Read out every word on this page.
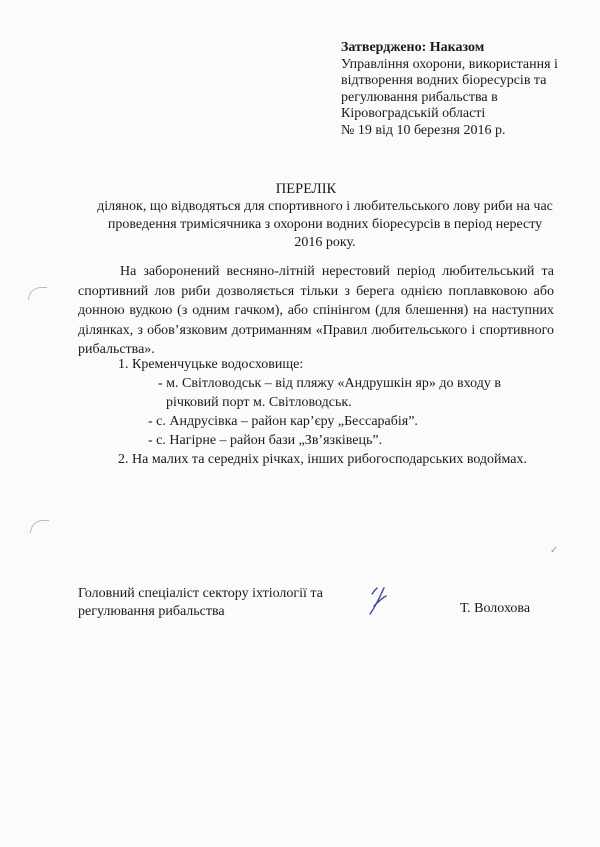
Затверджено: Наказом
Управління охорони, використання і
відтворення водних біоресурсів та
регулювання рибальства в
Кіровоградській області
№ 19 від 10 березня 2016 р.
ПЕРЕЛІК
ділянок, що відводяться для спортивного і любительського лову риби на час
проведення тримісячника з охорони водних біоресурсів в період нересту
2016 року.
На заборонений весняно-літній нерестовий період любительський та спортивний лов риби дозволяється тільки з берега однією поплавковою або донною вудкою (з одним гачком), або спінінгом (для блешення) на наступних ділянках, з обов’язковим дотриманням «Правил любительського і спортивного рибальства».
1. Кременчуцьке водосховище:
- м. Світловодськ – від пляжу «Андрушкін яр» до входу в
річковий порт м. Світловодськ.
- с. Андрусівка – район кар’єру „Бессарабія”.
- с. Нагірне – район бази „Зв’язківець”.
2. На малих та середніх річках, інших рибогосподарських водоймах.
Головний спеціаліст сектору іхтіології та
регулювання рибальства	Т. Волохова
✓
